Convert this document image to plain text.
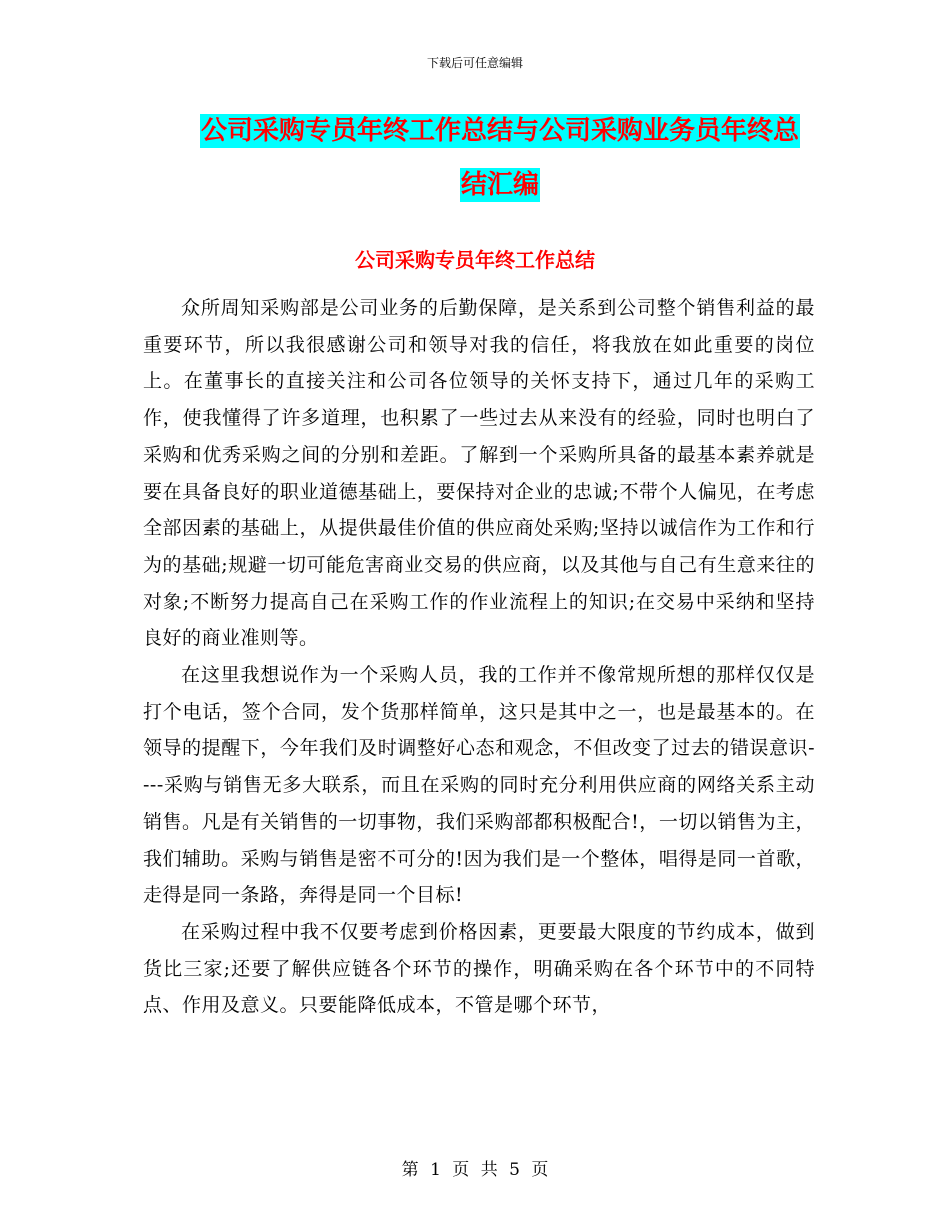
下载后可任意编辑
公司采购专员年终工作总结与公司采购业务员年终总
结汇编
公司采购专员年终工作总结

众所周知采购部是公司业务的后勤保障，是关系到公司整个销售利益的最重要环节，所以我很感谢公司和领导对我的信任，将我放在如此重要的岗位上。在董事长的直接关注和公司各位领导的关怀支持下，通过几年的采购工作，使我懂得了许多道理，也积累了一些过去从来没有的经验，同时也明白了采购和优秀采购之间的分别和差距。了解到一个采购所具备的最基本素养就是要在具备良好的职业道德基础上，要保持对企业的忠诚;不带个人偏见，在考虑全部因素的基础上，从提供最佳价值的供应商处采购;坚持以诚信作为工作和行为的基础;规避一切可能危害商业交易的供应商，以及其他与自己有生意来往的对象;不断努力提高自己在采购工作的作业流程上的知识;在交易中采纳和坚持良好的商业准则等。

在这里我想说作为一个采购人员，我的工作并不像常规所想的那样仅仅是打个电话，签个合同，发个货那样简单，这只是其中之一，也是最基本的。在领导的提醒下，今年我们及时调整好心态和观念，不但改变了过去的错误意识----采购与销售无多大联系，而且在采购的同时充分利用供应商的网络关系主动销售。凡是有关销售的一切事物，我们采购部都积极配合!，一切以销售为主，我们辅助。采购与销售是密不可分的!因为我们是一个整体，唱得是同一首歌，走得是同一条路，奔得是同一个目标!

在采购过程中我不仅要考虑到价格因素，更要最大限度的节约成本，做到货比三家;还要了解供应链各个环节的操作，明确采购在各个环节中的不同特点、作用及意义。只要能降低成本，不管是哪个环节，

第 1 页 共 5 页
